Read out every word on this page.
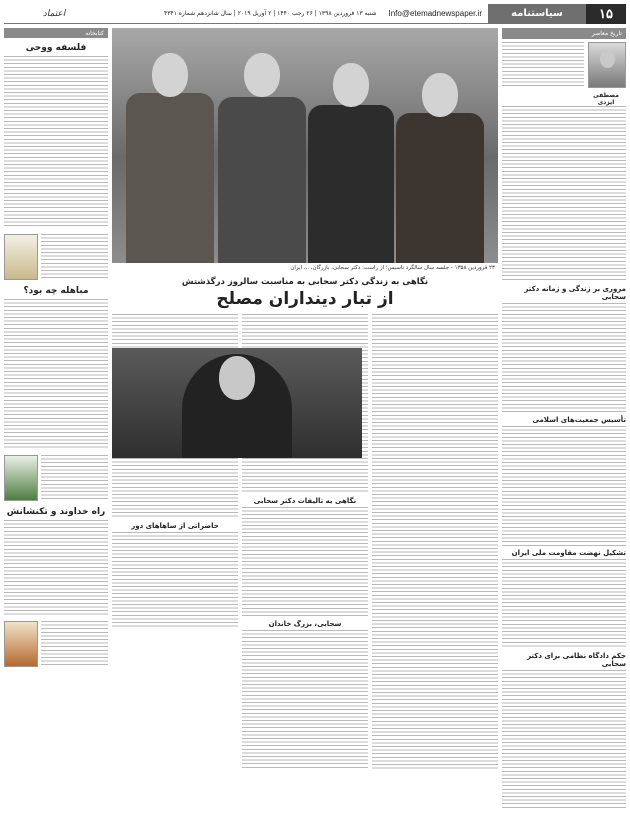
۱۵
سیاستنامه
Info@etemadnewspaper.ir
شنبه ۱۳ فروردین ۱۳۹۸ | ۲۶ رجب ۱۴۴۰ | ۲ آوریل ۲۰۱۹ | سال شانزدهم شماره ۴۳۴۱
اعتماد
تاریخ معاصر
مصطفی ایزدی
مروری بر زندگی و زمانه دکتر سحابی
تأسیس جمعیت‌های اسلامی
تشکیل نهضت مقاومت ملی ایران
حکم دادگاه نظامی برای دکتر سحابی
کتابخانه
فلسفه ووحی
مباهله چه بود؟
راه خداوند و تکنشانش
۲۳ فروردین ۱۳۵۸ - جلسه سال سالگرد تاسیس؛ از راست: دکتر سحابی، بازرگان، ... ایران
نگاهی به زندگی دکتر سحابی به مناسبت سالروز درگذشتش
از تبار دینداران مصلح
نگاهی به تالیفات دکتر سحابی
سحابی، بزرگ خاندان
حاضراتی از ساها‌های دور
